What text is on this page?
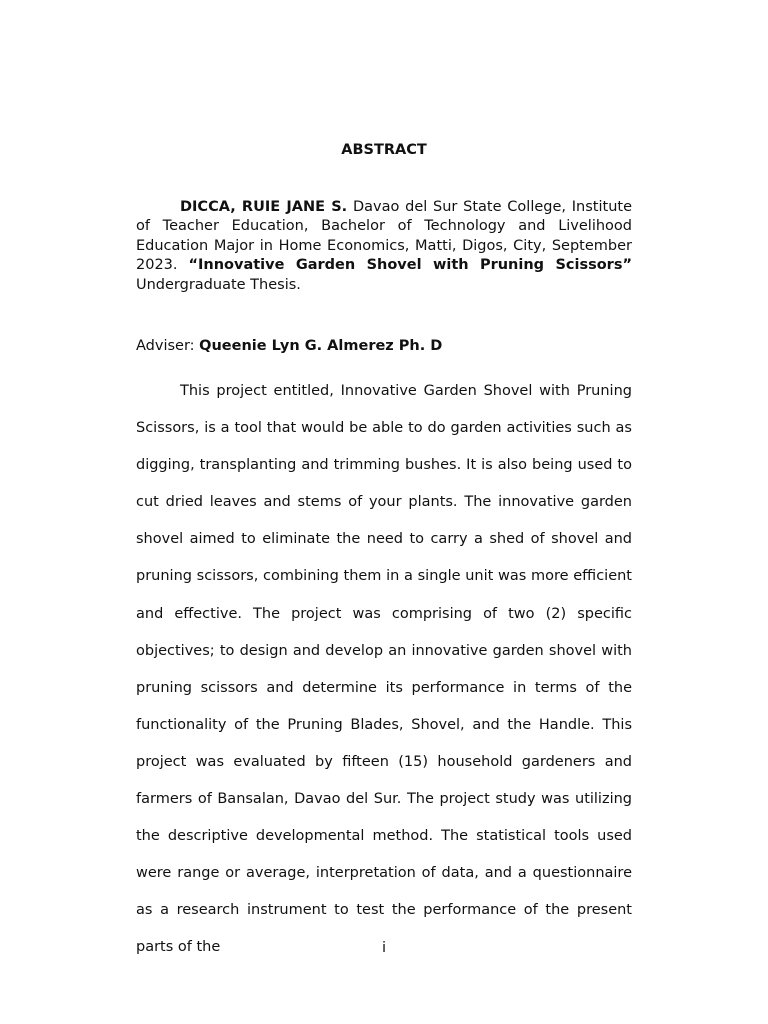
ABSTRACT

DICCA, RUIE JANE S. Davao del Sur State College, Institute of Teacher Education, Bachelor of Technology and Livelihood Education Major in Home Economics, Matti, Digos, City, September 2023. “Innovative Garden Shovel with Pruning Scissors” Undergraduate Thesis.

Adviser: Queenie Lyn G. Almerez Ph. D

This project entitled, Innovative Garden Shovel with Pruning Scissors, is a tool that would be able to do garden activities such as digging, transplanting and trimming bushes. It is also being used to cut dried leaves and stems of your plants. The innovative garden shovel aimed to eliminate the need to carry a shed of shovel and pruning scissors, combining them in a single unit was more efficient and effective. The project was comprising of two (2) specific objectives; to design and develop an innovative garden shovel with pruning scissors and determine its performance in terms of the functionality of the Pruning Blades, Shovel, and the Handle. This project was evaluated by fifteen (15) household gardeners and farmers of Bansalan, Davao del Sur. The project study was utilizing the descriptive developmental method. The statistical tools used were range or average, interpretation of data, and a questionnaire as a research instrument to test the performance of the present parts of the	i
